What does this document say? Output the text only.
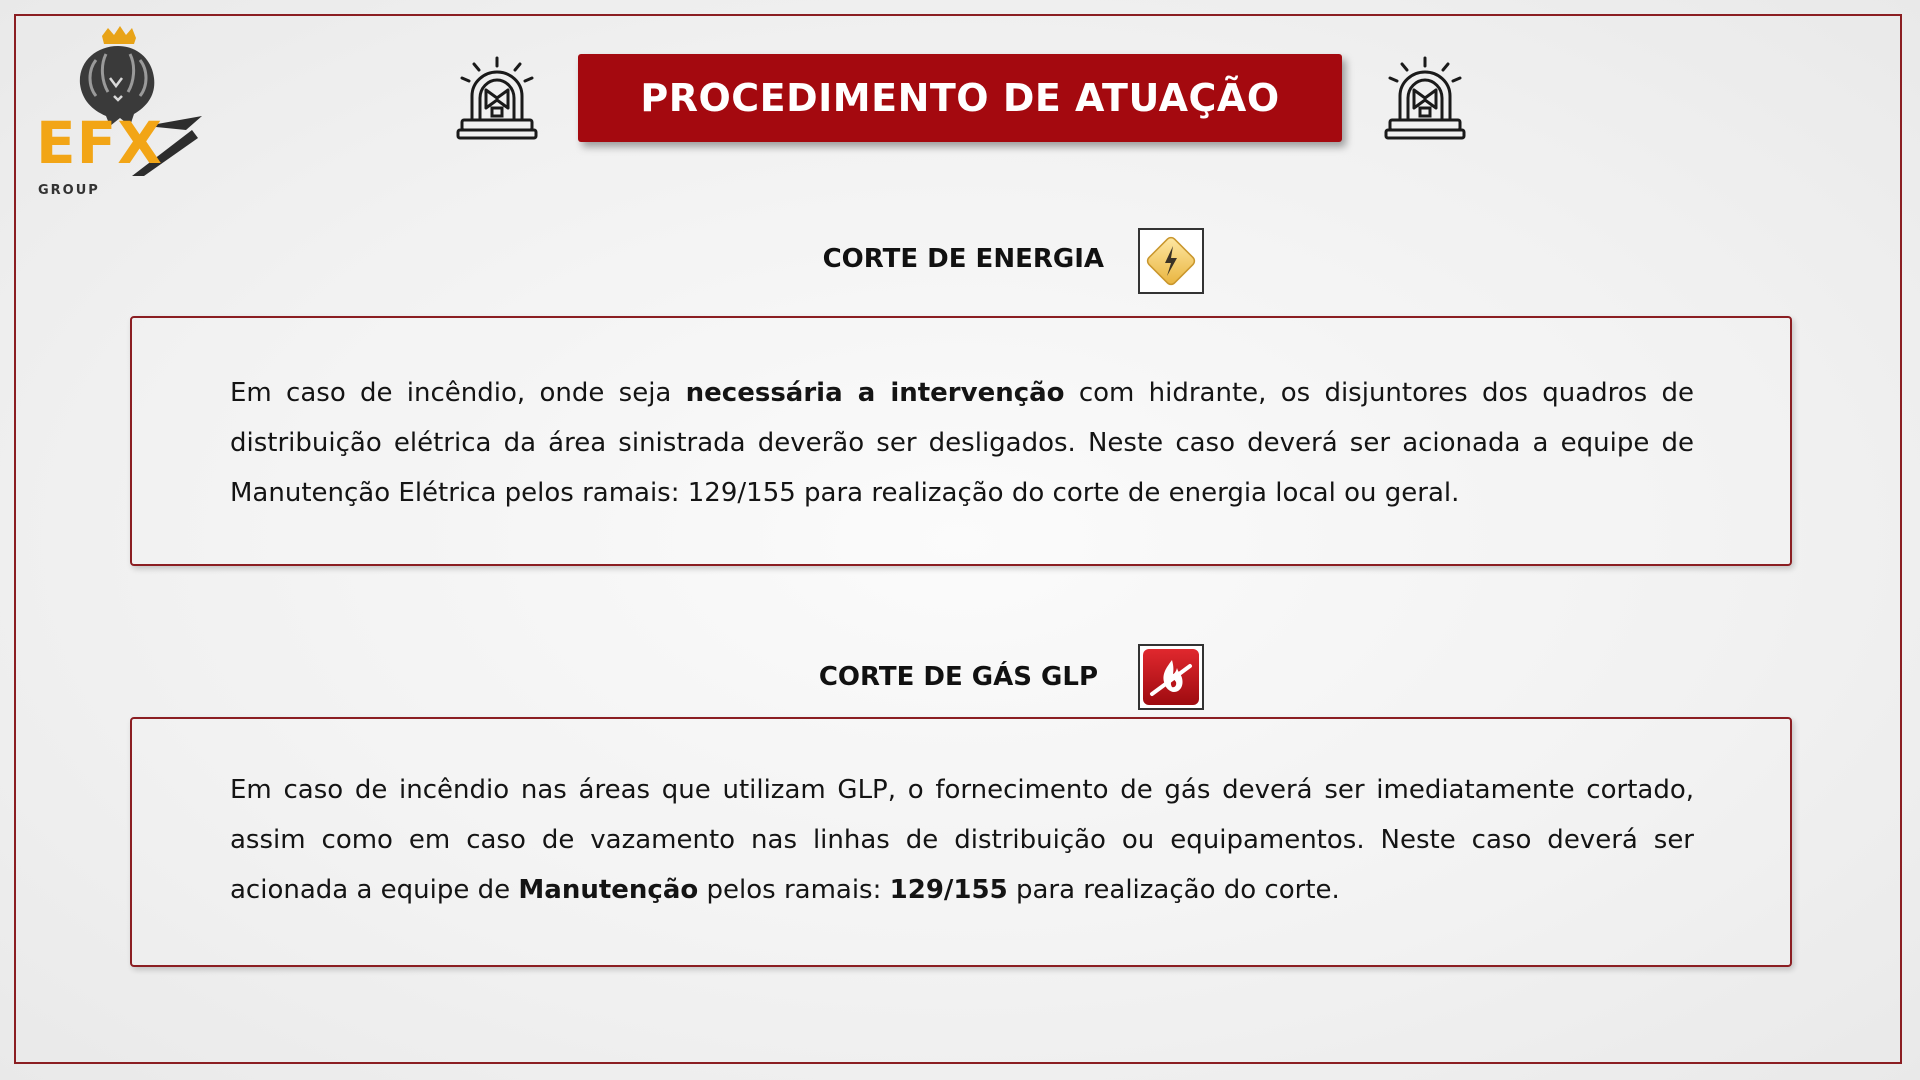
EFX
GROUP
PROCEDIMENTO DE ATUAÇÃO
CORTE DE ENERGIA
Em caso de incêndio, onde seja necessária a intervenção com hidrante, os disjuntores dos quadros de distribuição elétrica da área sinistrada deverão ser desligados. Neste caso deverá ser acionada a equipe de Manutenção Elétrica pelos ramais: 129/155 para realização do corte de energia local ou geral.
CORTE DE GÁS GLP
Em caso de incêndio nas áreas que utilizam GLP, o fornecimento de gás deverá ser imediatamente cortado, assim como em caso de vazamento nas linhas de distribuição ou equipamentos. Neste caso deverá ser acionada a equipe de Manutenção pelos ramais: 129/155 para realização do corte.
